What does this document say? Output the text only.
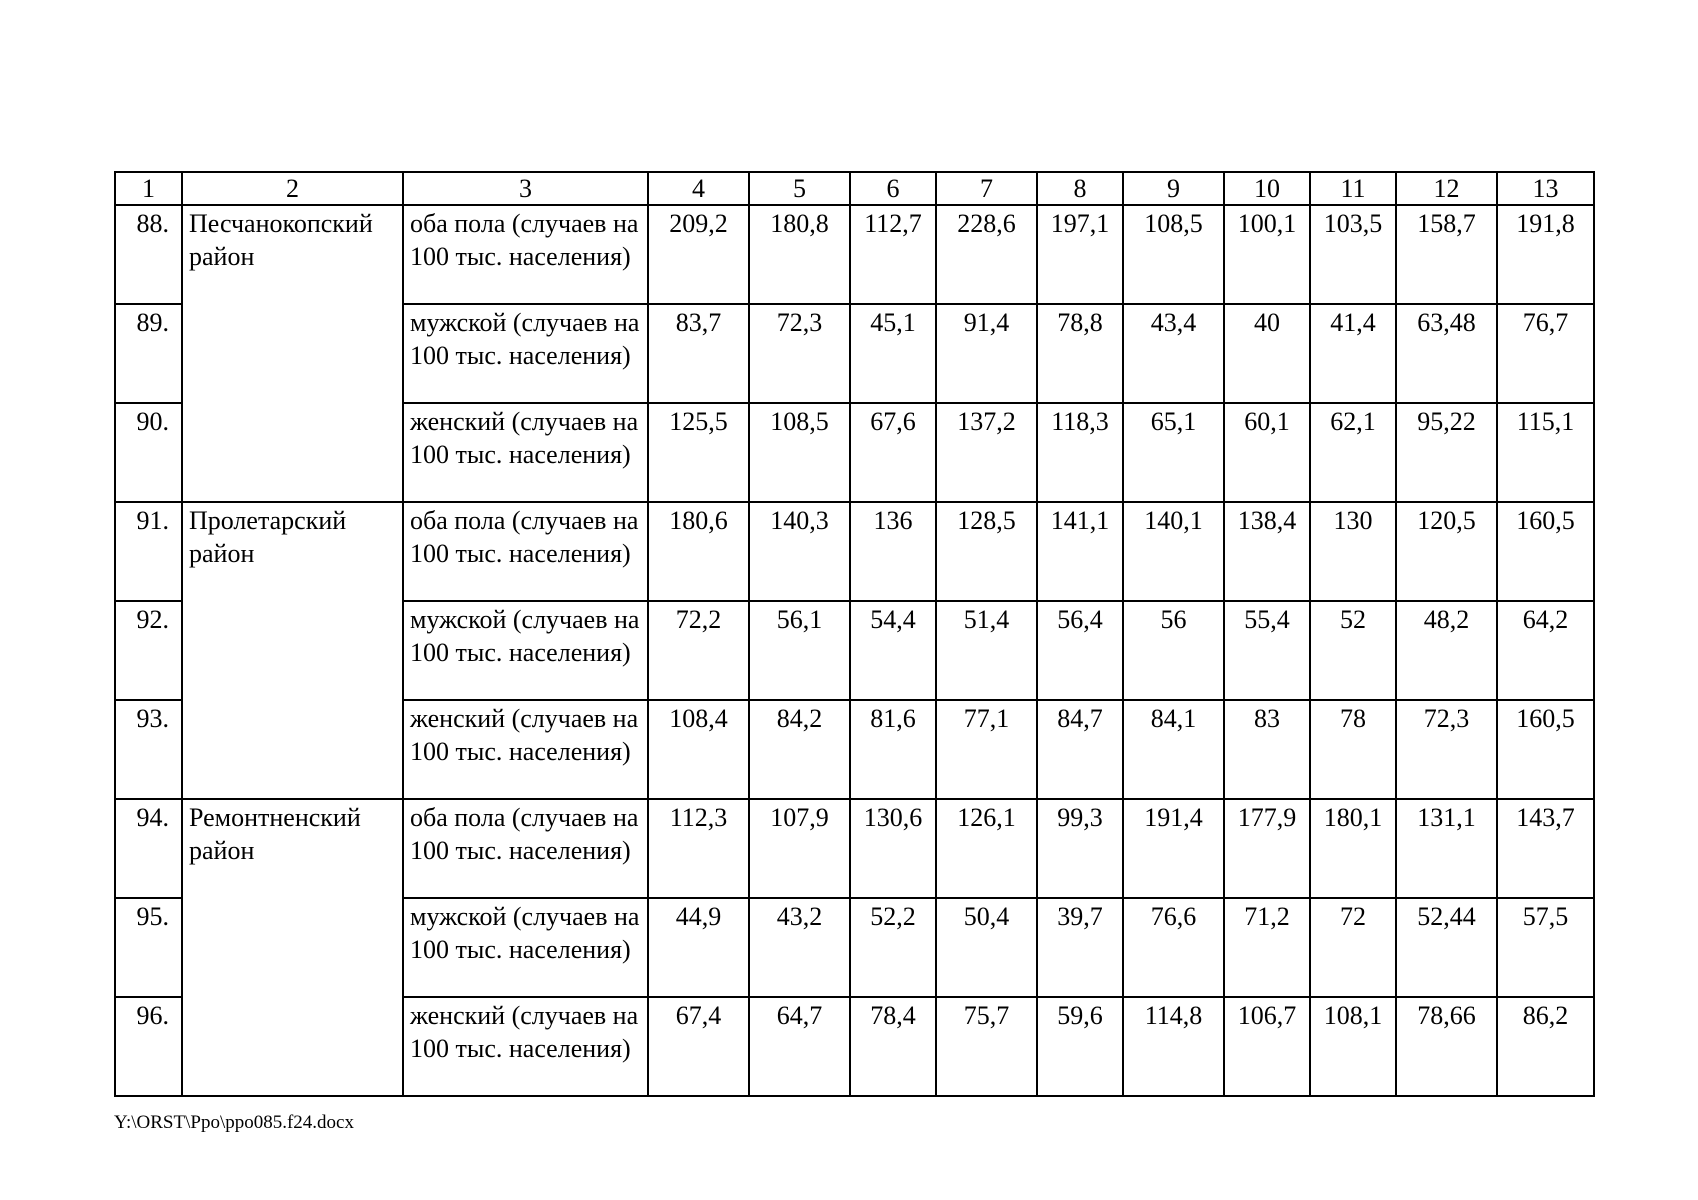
1	2	3	4	5	6	7	8	9	10	11	12	13
88.	Песчанокопский район	оба пола (случаев на 100 тыс. населения)	209,2	180,8	112,7	228,6	197,1	108,5	100,1	103,5	158,7	191,8
89.		мужской (случаев на 100 тыс. населения)	83,7	72,3	45,1	91,4	78,8	43,4	40	41,4	63,48	76,7
90.		женский (случаев на 100 тыс. населения)	125,5	108,5	67,6	137,2	118,3	65,1	60,1	62,1	95,22	115,1
91.	Пролетарский район	оба пола (случаев на 100 тыс. населения)	180,6	140,3	136	128,5	141,1	140,1	138,4	130	120,5	160,5
92.		мужской (случаев на 100 тыс. населения)	72,2	56,1	54,4	51,4	56,4	56	55,4	52	48,2	64,2
93.		женский (случаев на 100 тыс. населения)	108,4	84,2	81,6	77,1	84,7	84,1	83	78	72,3	160,5
94.	Ремонтненский район	оба пола (случаев на 100 тыс. населения)	112,3	107,9	130,6	126,1	99,3	191,4	177,9	180,1	131,1	143,7
95.		мужской (случаев на 100 тыс. населения)	44,9	43,2	52,2	50,4	39,7	76,6	71,2	72	52,44	57,5
96.		женский (случаев на 100 тыс. населения)	67,4	64,7	78,4	75,7	59,6	114,8	106,7	108,1	78,66	86,2
Y:\ORST\Ppo\ppo085.f24.docx
